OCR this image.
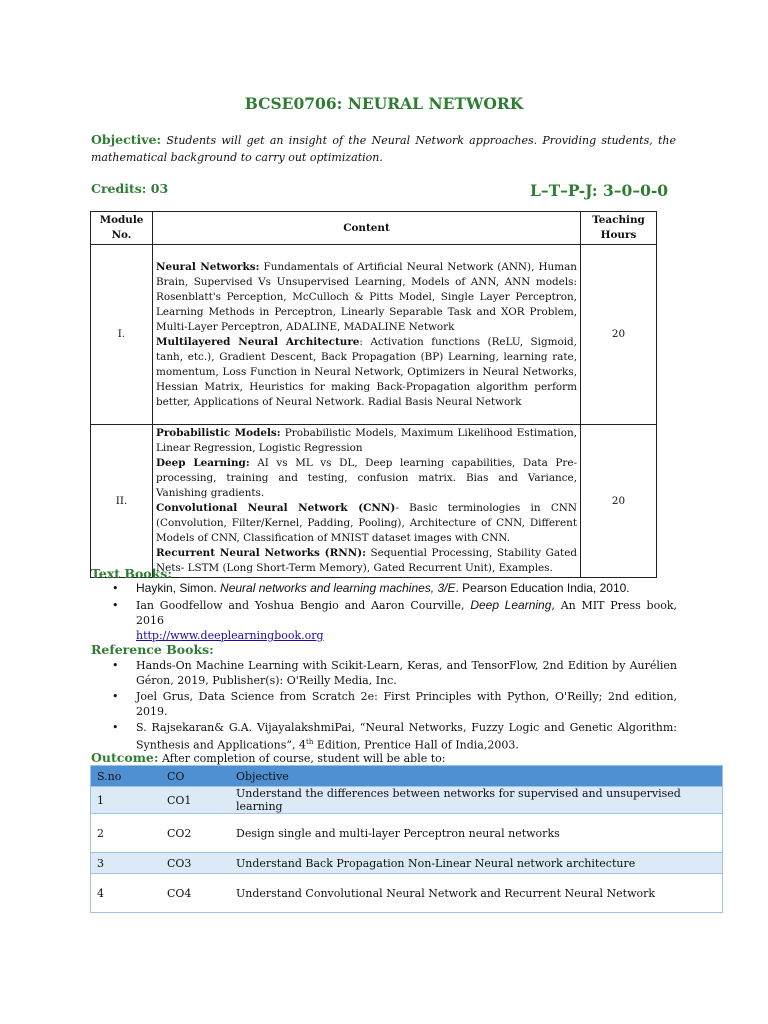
BCSE0706: NEURAL NETWORK
Objective: Students will get an insight of the Neural Network approaches. Providing students, the mathematical background to carry out optimization.
Credits: 03	L–T–P-J: 3–0–0-0
Module No.	Content	Teaching Hours
I.	Neural Networks: Fundamentals of Artificial Neural Network (ANN), Human Brain, Supervised Vs Unsupervised Learning, Models of ANN, ANN models: Rosenblatt's Perception, McCulloch & Pitts Model, Single Layer Perceptron, Learning Methods in Perceptron, Linearly Separable Task and XOR Problem, Multi-Layer Perceptron, ADALINE, MADALINE Network
Multilayered Neural Architecture: Activation functions (ReLU, Sigmoid, tanh, etc.), Gradient Descent, Back Propagation (BP) Learning, learning rate, momentum, Loss Function in Neural Network, Optimizers in Neural Networks, Hessian Matrix, Heuristics for making Back-Propagation algorithm perform better, Applications of Neural Network. Radial Basis Neural Network	20
II.	Probabilistic Models: Probabilistic Models, Maximum Likelihood Estimation, Linear Regression, Logistic Regression
Deep Learning: AI vs ML vs DL, Deep learning capabilities, Data Pre-processing, training and testing, confusion matrix. Bias and Variance, Vanishing gradients.
Convolutional Neural Network (CNN)- Basic terminologies in CNN (Convolution, Filter/Kernel, Padding, Pooling), Architecture of CNN, Different Models of CNN, Classification of MNIST dataset images with CNN.
Recurrent Neural Networks (RNN): Sequential Processing, Stability Gated Nets- LSTM (Long Short-Term Memory), Gated Recurrent Unit), Examples.	20
Text Books:
• Haykin, Simon. Neural networks and learning machines, 3/E. Pearson Education India, 2010.
• Ian Goodfellow and Yoshua Bengio and Aaron Courville, Deep Learning, An MIT Press book, 2016
http://www.deeplearningbook.org
Reference Books:
• Hands-On Machine Learning with Scikit-Learn, Keras, and TensorFlow, 2nd Edition by Aurélien Géron, 2019, Publisher(s): O'Reilly Media, Inc.
• Joel Grus, Data Science from Scratch 2e: First Principles with Python, O'Reilly; 2nd edition, 2019.
• S. Rajsekaran& G.A. VijayalakshmiPai, “Neural Networks, Fuzzy Logic and Genetic Algorithm: Synthesis and Applications”, 4th Edition, Prentice Hall of India,2003.
Outcome: After completion of course, student will be able to:
S.no	CO	Objective
1	CO1	Understand the differences between networks for supervised and unsupervised learning
2	CO2	Design single and multi-layer Perceptron neural networks
3	CO3	Understand Back Propagation Non-Linear Neural network architecture
4	CO4	Understand Convolutional Neural Network and Recurrent Neural Network
